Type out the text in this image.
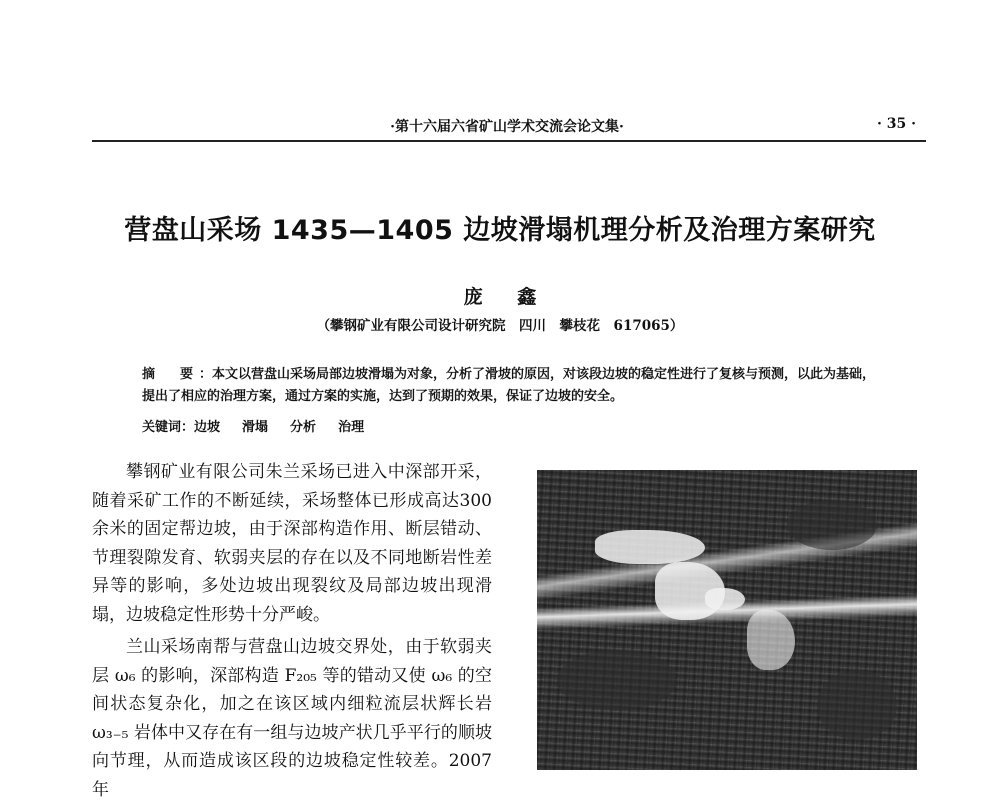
·第十六届六省矿山学术交流会论文集·	· 35 ·
营盘山采场 1435—1405 边坡滑塌机理分析及治理方案研究
庞 鑫
（攀钢矿业有限公司设计研究院　四川　攀枝花　617065）
摘　要：本文以营盘山采场局部边坡滑塌为对象，分析了滑坡的原因，对该段边坡的稳定性进行了复核与预测，以此为基础，提出了相应的治理方案，通过方案的实施，达到了预期的效果，保证了边坡的安全。
关键词：边坡 滑塌 分析 治理

攀钢矿业有限公司朱兰采场已进入中深部开采，随着采矿工作的不断延续，采场整体已形成高达300余米的固定帮边坡，由于深部构造作用、断层错动、节理裂隙发育、软弱夹层的存在以及不同地断岩性差异等的影响，多处边坡出现裂纹及局部边坡出现滑塌，边坡稳定性形势十分严峻。

兰山采场南帮与营盘山边坡交界处，由于软弱夹层 ω₆ 的影响，深部构造 F₂₀₅ 等的错动又使 ω₆ 的空间状态复杂化，加之在该区域内细粒流层状辉长岩 ω₃₋₅ 岩体中又存在有一组与边坡产状几乎平行的顺坡向节理，从而造成该区段的边坡稳定性较差。2007年
